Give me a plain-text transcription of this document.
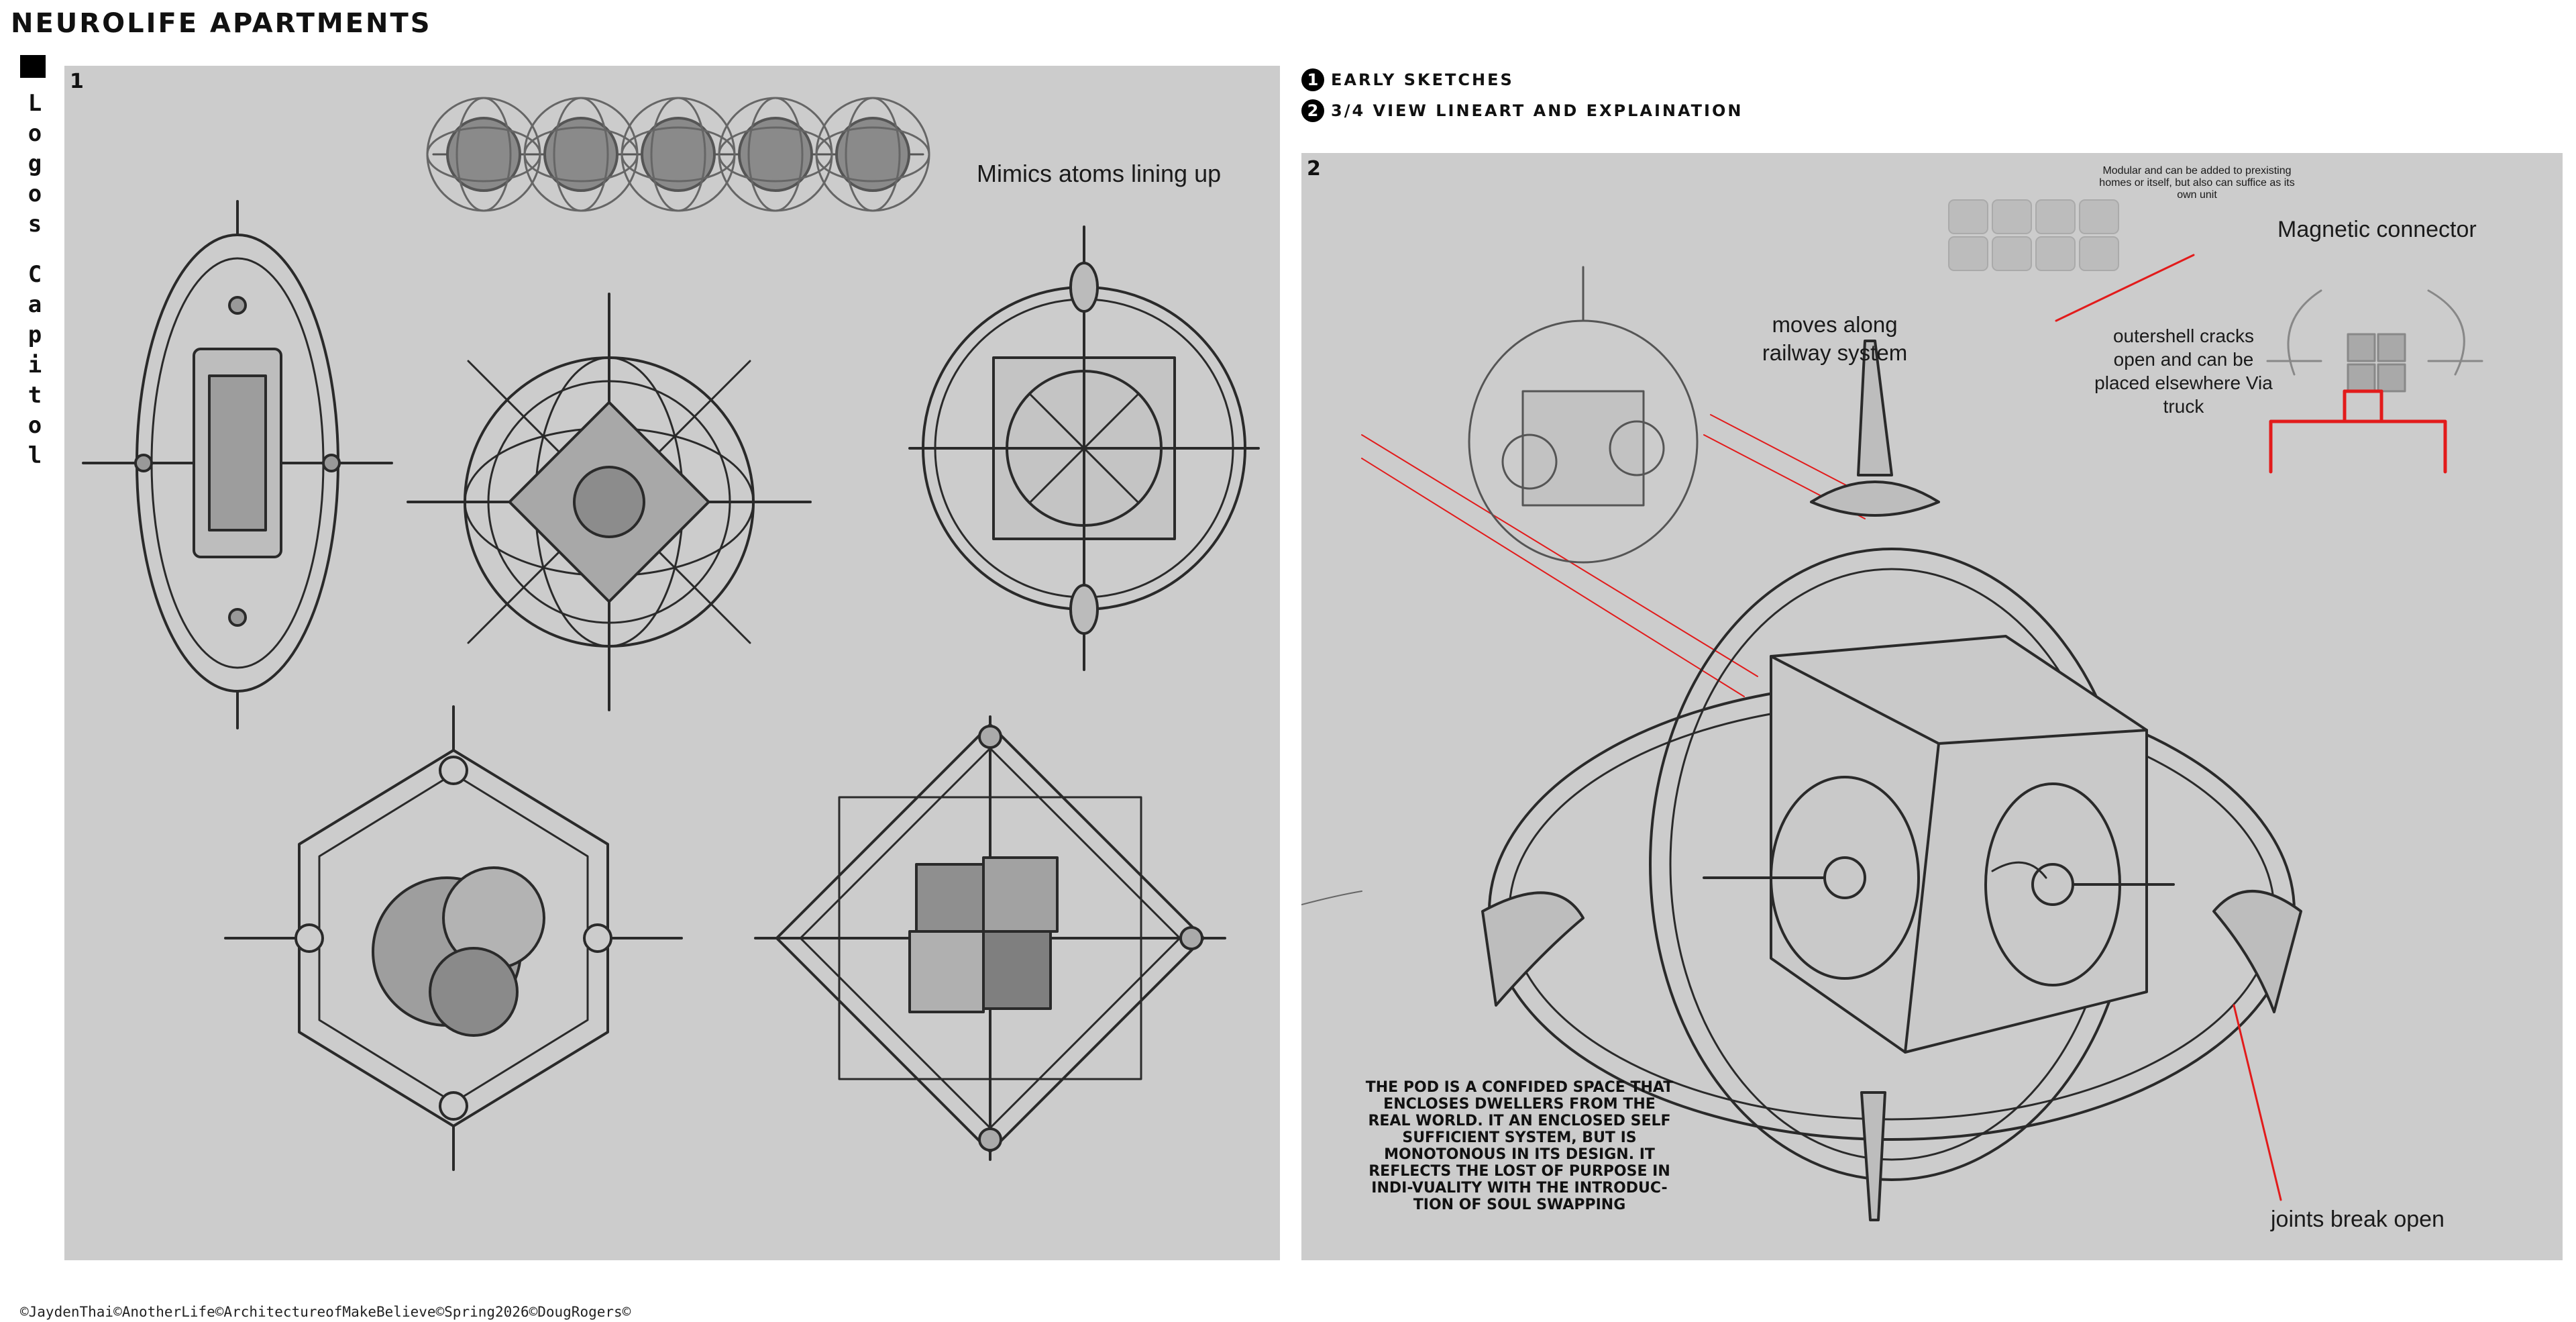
NEUROLIFE APARTMENTS
L
o
g
o
s
C
a
p
i
t
o
l
1 EARLY SKETCHES
2 3/4 VIEW LINEART AND EXPLAINATION
1
Mimics atoms lining up	2	Modular and can be added to prexisting homes or itself, but also can suffice as its own unit
Magnetic connector
moves along railway system
outershell cracks open and can be placed elsewhere Via truck
joints break open
THE POD IS A CONFIDED SPACE THAT ENCLOSES DWELLERS FROM THE REAL WORLD. IT AN ENCLOSED SELF SUFFICIENT SYSTEM, BUT IS MONOTONOUS IN ITS DESIGN. IT REFLECTS THE LOST OF PURPOSE IN INDI-VUALITY WITH THE INTRODUC-TION OF SOUL SWAPPING
©JaydenThai©AnotherLife©ArchitectureofMakeBelieve©Spring2026©DougRogers©
